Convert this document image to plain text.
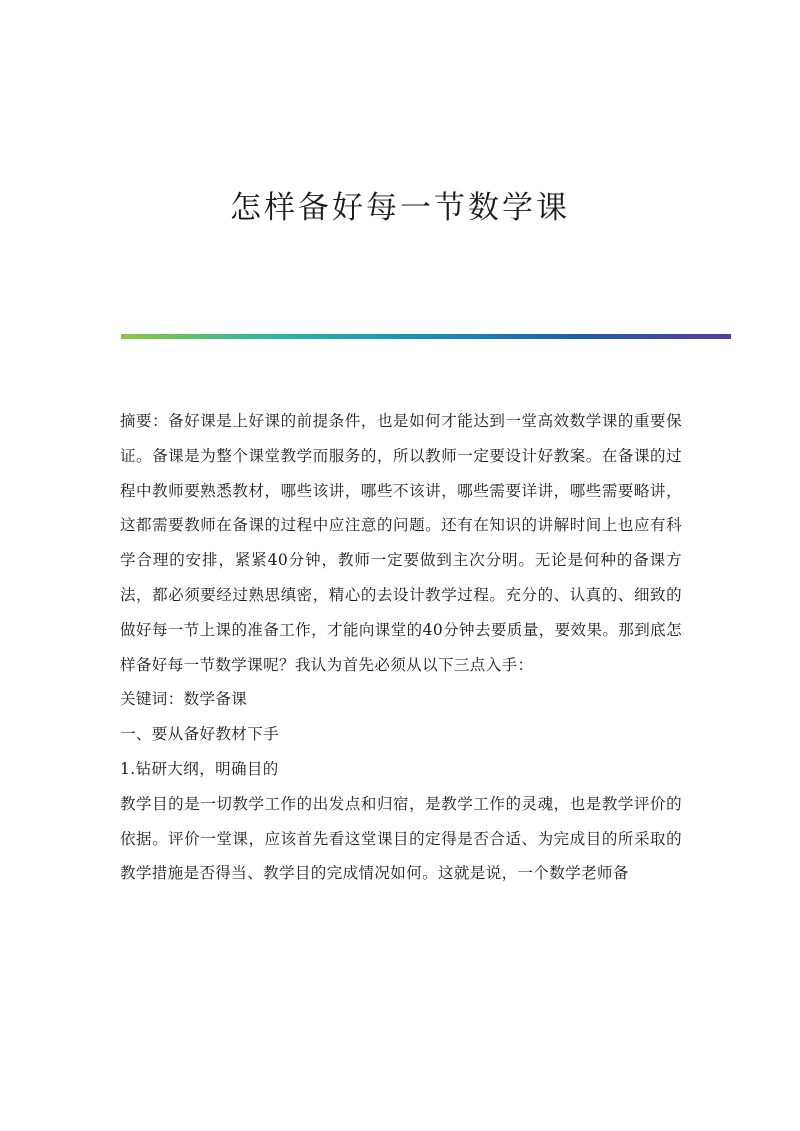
怎样备好每一节数学课

摘要：备好课是上好课的前提条件，也是如何才能达到一堂高效数学课的重要保证。备课是为整个课堂教学而服务的，所以教师一定要设计好教案。在备课的过程中教师要熟悉教材，哪些该讲，哪些不该讲，哪些需要详讲，哪些需要略讲，这都需要教师在备课的过程中应注意的问题。还有在知识的讲解时间上也应有科学合理的安排，紧紧40分钟，教师一定要做到主次分明。无论是何种的备课方法，都必须要经过熟思缜密，精心的去设计教学过程。充分的、认真的、细致的做好每一节上课的准备工作，才能向课堂的40分钟去要质量，要效果。那到底怎样备好每一节数学课呢？我认为首先必须从以下三点入手：

关键词：数学备课

一、要从备好教材下手

1.钻研大纲，明确目的

教学目的是一切教学工作的出发点和归宿，是教学工作的灵魂，也是教学评价的依据。评价一堂课，应该首先看这堂课目的定得是否合适、为完成目的所采取的教学措施是否得当、教学目的完成情况如何。这就是说，一个数学老师备
